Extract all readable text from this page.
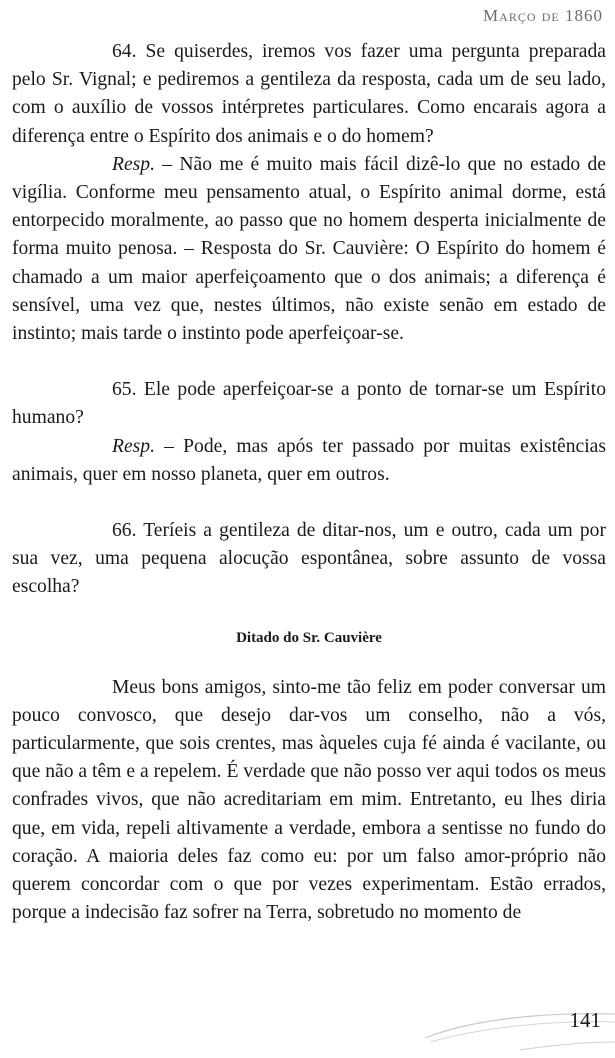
Março de 1860

64. Se quiserdes, iremos vos fazer uma pergunta preparada pelo Sr. Vignal; e pediremos a gentileza da resposta, cada um de seu lado, com o auxílio de vossos intérpretes particulares. Como encarais agora a diferença entre o Espírito dos animais e o do homem?

Resp. – Não me é muito mais fácil dizê-lo que no estado de vigília. Conforme meu pensamento atual, o Espírito animal dorme, está entorpecido moralmente, ao passo que no homem desperta inicialmente de forma muito penosa. – Resposta do Sr. Cauvière: O Espírito do homem é chamado a um maior aperfeiçoamento que o dos animais; a diferença é sensível, uma vez que, nestes últimos, não existe senão em estado de instinto; mais tarde o instinto pode aperfeiçoar-se.

65. Ele pode aperfeiçoar-se a ponto de tornar-se um Espírito humano?

Resp. – Pode, mas após ter passado por muitas existências animais, quer em nosso planeta, quer em outros.

66. Teríeis a gentileza de ditar-nos, um e outro, cada um por sua vez, uma pequena alocução espontânea, sobre assunto de vossa escolha?

Ditado do Sr. Cauvière

Meus bons amigos, sinto-me tão feliz em poder conversar um pouco convosco, que desejo dar-vos um conselho, não a vós, particularmente, que sois crentes, mas àqueles cuja fé ainda é vacilante, ou que não a têm e a repelem. É verdade que não posso ver aqui todos os meus confrades vivos, que não acreditariam em mim. Entretanto, eu lhes diria que, em vida, repeli altivamente a verdade, embora a sentisse no fundo do coração. A maioria deles faz como eu: por um falso amor-próprio não querem concordar com o que por vezes experimentam. Estão errados, porque a indecisão faz sofrer na Terra, sobretudo no momento de

141
